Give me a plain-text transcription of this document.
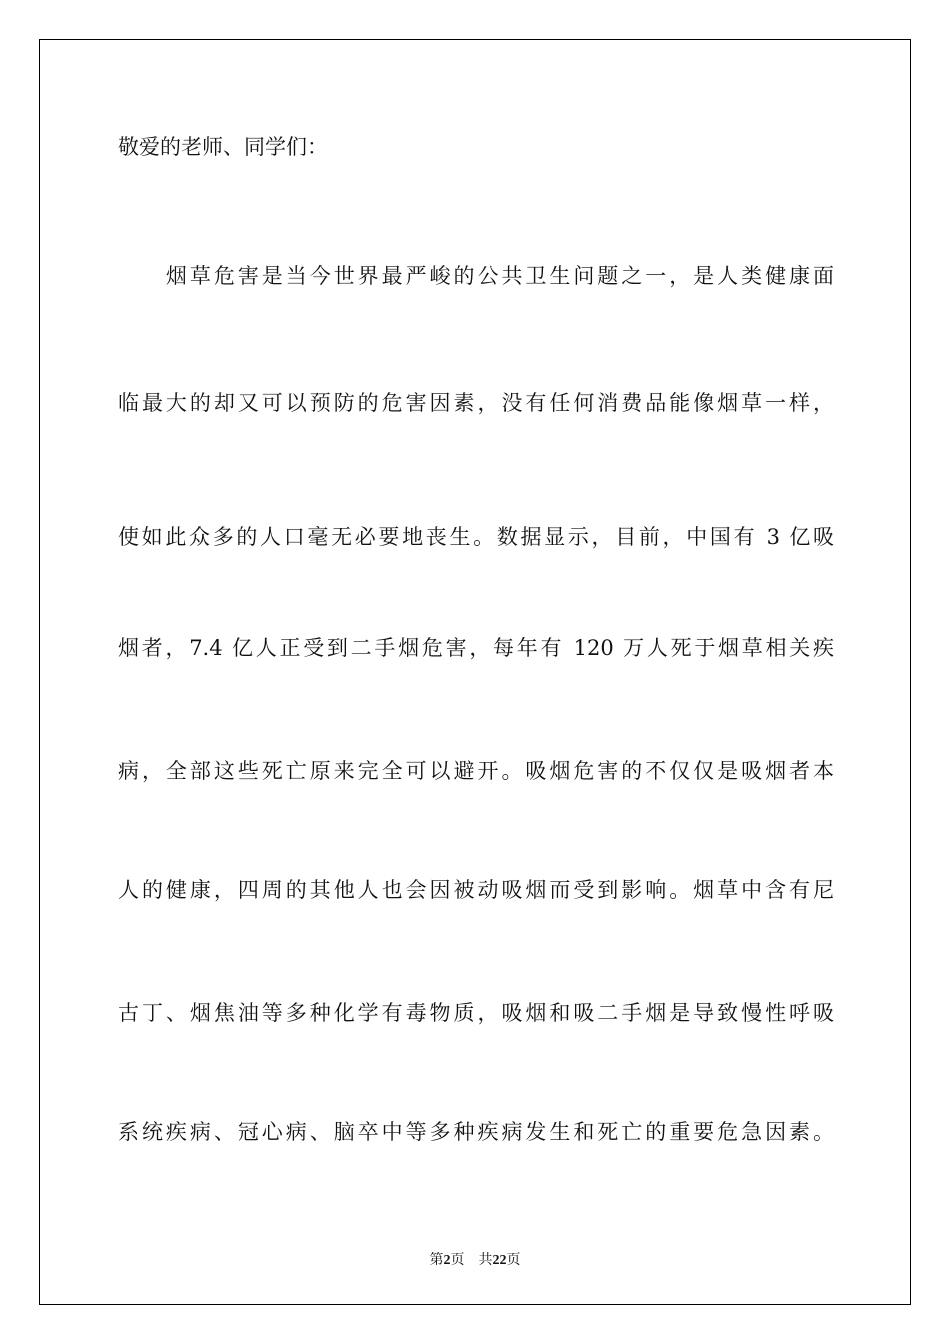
敬爱的老师、同学们：
　　烟草危害是当今世界最严峻的公共卫生问题之一，是人类健康面
临最大的却又可以预防的危害因素，没有任何消费品能像烟草一样，
使如此众多的人口毫无必要地丧生。数据显示，目前，中国有 3 亿吸
烟者，7.4 亿人正受到二手烟危害，每年有 120 万人死于烟草相关疾
病，全部这些死亡原来完全可以避开。吸烟危害的不仅仅是吸烟者本
人的健康，四周的其他人也会因被动吸烟而受到影响。烟草中含有尼
古丁、烟焦油等多种化学有毒物质，吸烟和吸二手烟是导致慢性呼吸
系统疾病、冠心病、脑卒中等多种疾病发生和死亡的重要危急因素。
第2页 共22页
